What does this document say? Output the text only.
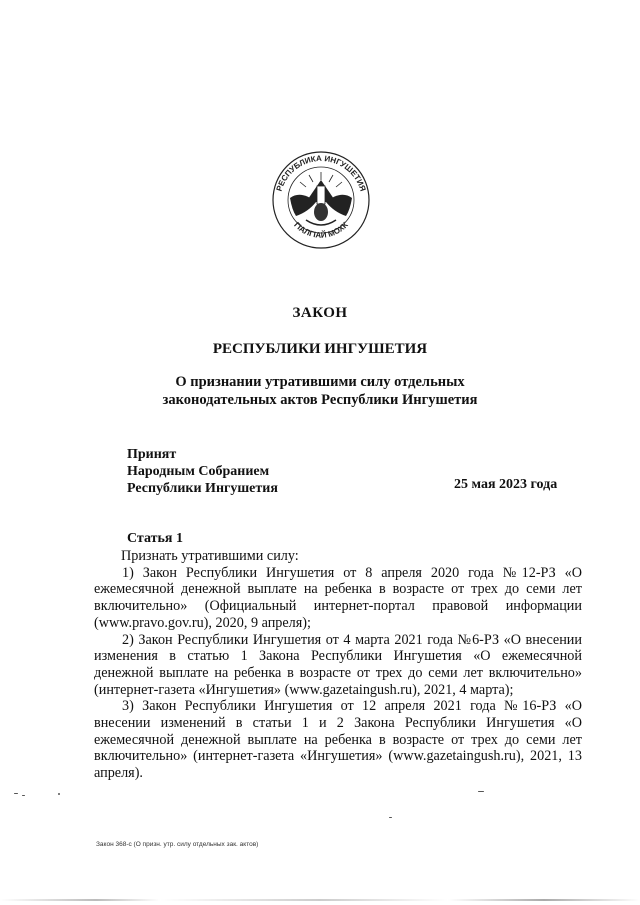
РЕСПУБЛИКА ИНГУШЕТИЯ
ГIАЛГIАЙ МОХК
ЗАКОН
РЕСПУБЛИКИ ИНГУШЕТИЯ
О признании утратившими силу отдельных
законодательных актов Республики Ингушетия
Принят
Народным Собранием
Республики Ингушетия	25 мая 2023 года
Статья 1

Признать утратившими силу:

1) Закон Республики Ингушетия от 8 апреля 2020 года №12-РЗ «О ежемесячной денежной выплате на ребенка в возрасте от трех до семи лет включительно» (Официальный интернет-портал правовой информации (www.pravo.gov.ru), 2020, 9 апреля);

2) Закон Республики Ингушетия от 4 марта 2021 года №6-РЗ «О внесении изменения в статью 1 Закона Республики Ингушетия «О ежемесячной денежной выплате на ребенка в возрасте от трех до семи лет включительно» (интернет-газета «Ингушетия» (www.gazetaingush.ru), 2021, 4 марта);

3) Закон Республики Ингушетия от 12 апреля 2021 года №16-РЗ «О внесении изменений в статьи 1 и 2 Закона Республики Ингушетия «О ежемесячной денежной выплате на ребенка в возрасте от трех до семи лет включительно» (интернет-газета «Ингушетия» (www.gazetaingush.ru), 2021, 13 апреля).

Закон 368-с (О призн. утр. силу отдельных зак. актов)
